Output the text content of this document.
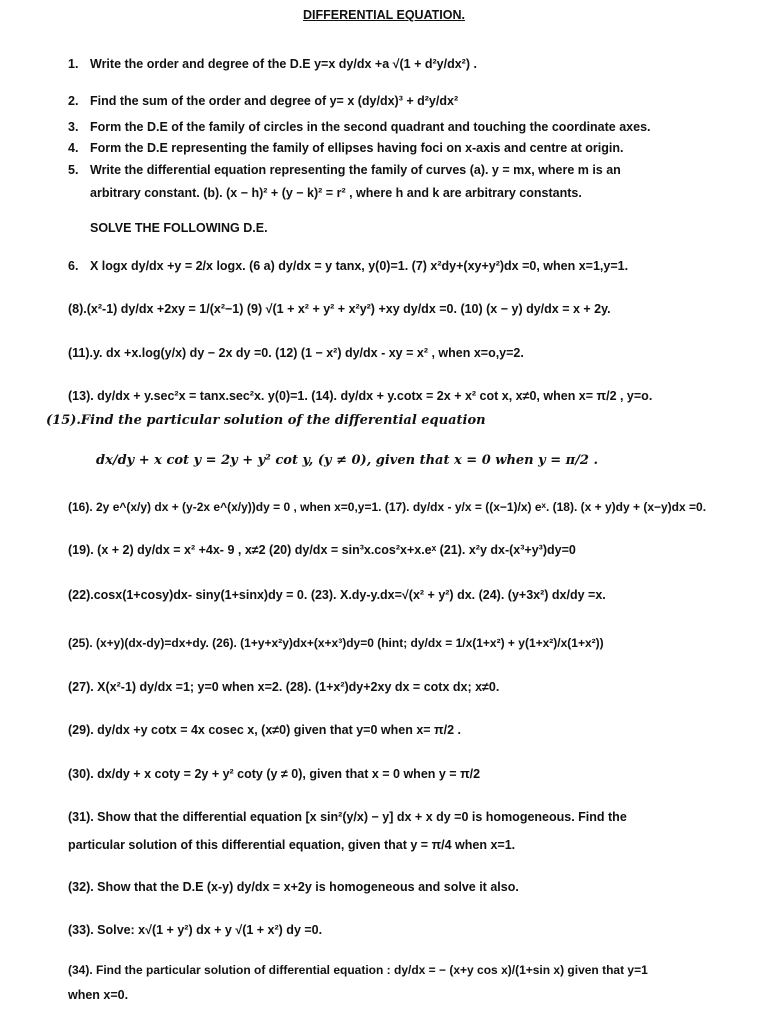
DIFFERENTIAL EQUATION.
1. Write the order and degree of the D.E y=x dy/dx +a √(1 + d²y/dx²) .
2. Find the sum of the order and degree of y= x (dy/dx)³ + d²y/dx²
3. Form the D.E of the family of circles in the second quadrant and touching the coordinate axes.
4. Form the D.E representing the family of ellipses having foci on x-axis and centre at origin.
5. Write the differential equation representing the family of curves (a). y = mx, where m is an
arbitrary constant. (b). (x − h)² + (y − k)² = r² , where h and k are arbitrary constants.
SOLVE THE FOLLOWING D.E.
6. X logx dy/dx +y = 2/x logx. (6 a) dy/dx = y tanx, y(0)=1. (7) x²dy+(xy+y²)dx =0, when x=1,y=1.
(8).(x²-1) dy/dx +2xy = 1/(x²−1) (9) √(1 + x² + y² + x²y²) +xy dy/dx =0. (10) (x − y) dy/dx = x + 2y.
(11).y. dx +x.log(y/x) dy − 2x dy =0. (12) (1 − x²) dy/dx - xy = x² , when x=o,y=2.
(13). dy/dx + y.sec²x = tanx.sec²x. y(0)=1. (14). dy/dx + y.cotx = 2x + x² cot x, x≠0, when x= π/2 , y=o.
(15).Find the particular solution of the differential equation
dx/dy + x cot y = 2y + y² cot y, (y ≠ 0), given that x = 0 when y = π/2 .
(16). 2y e^(x/y) dx + (y-2x e^(x/y))dy = 0 , when x=0,y=1. (17). dy/dx - y/x = ((x−1)/x) eˣ. (18). (x + y)dy + (x−y)dx =0.
(19). (x + 2) dy/dx = x² +4x- 9 , x≠2 (20) dy/dx = sin³x.cos²x+x.eˣ (21). x²y dx-(x³+y³)dy=0
(22).cosx(1+cosy)dx- siny(1+sinx)dy = 0. (23). X.dy-y.dx=√(x² + y²) dx. (24). (y+3x²) dx/dy =x.
(25). (x+y)(dx-dy)=dx+dy. (26). (1+y+x²y)dx+(x+x³)dy=0 (hint; dy/dx = 1/x(1+x²) + y(1+x²)/x(1+x²))
(27). X(x²-1) dy/dx =1; y=0 when x=2. (28). (1+x²)dy+2xy dx = cotx dx; x≠0.
(29). dy/dx +y cotx = 4x cosec x, (x≠0) given that y=0 when x= π/2 .
(30). dx/dy + x coty = 2y + y² coty (y ≠ 0), given that x = 0 when y = π/2
(31). Show that the differential equation [x sin²(y/x) − y] dx + x dy =0 is homogeneous. Find the
particular solution of this differential equation, given that y = π/4 when x=1.
(32). Show that the D.E (x-y) dy/dx = x+2y is homogeneous and solve it also.
(33). Solve: x√(1 + y²) dx + y √(1 + x²) dy =0.
(34). Find the particular solution of differential equation : dy/dx = − (x+y cos x)/(1+sin x) given that y=1
when x=0.
